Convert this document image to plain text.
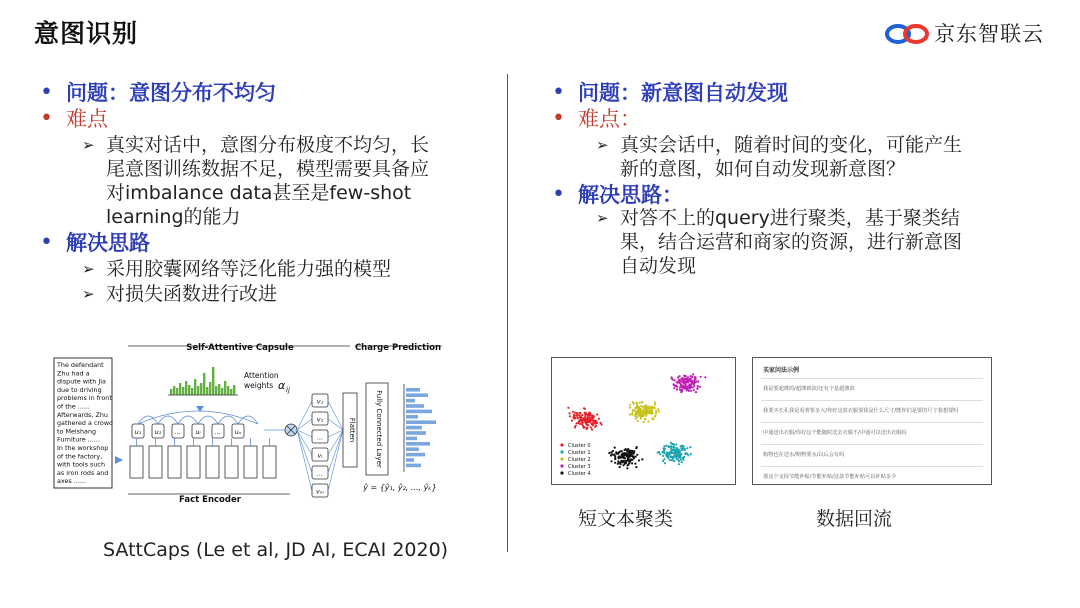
意图识别	京东智联云
• 问题：意图分布不均匀
• 难点
➢ 真实对话中，意图分布极度不均匀，长
尾意图训练数据不足，模型需要具备应
对imbalance data甚至是few-shot
learning的能力
• 解决思路
➢ 采用胶囊网络等泛化能力强的模型
➢ 对损失函数进行改进
The defendant
Zhu had a
dispute with Jia
due to driving
problems in front
of the ......
Afterwards, Zhu
gathered a crowd
to Meishang
Furniture ......
In the workshop
of the factory,
with tools such
as iron rods and
axes ......
Self-Attentive Capsule	Charge Prediction
Attention
weights α ij
u₁ u₂ ... uᵢ ... uₙ
Fact Encoder
v₁
v₂
...
vⱼ
...
vₘ
Flatten	Fully Connected Layer
ŷ = {ŷ₁, ŷ₂, ..., ŷₖ}
SAttCaps (Le et al, JD AI, ECAI 2020)
• 问题：新意图自动发现
• 难点：
➢ 真实会话中，随着时间的变化，可能产生
新的意图，如何自动发现新意图？
• 解决思路：
➢ 对答不上的query进行聚类，基于聚类结
果，结合运营和商家的资源，进行新意图
自动发现
Cluster 0
Cluster 1
Cluster 2
Cluster 3
Cluster 4
短文本聚类
买家问法示例
我是要超薄的/超薄新款/还有个是超薄款
我要买长孔我是看着要多大/你好这款衣服要我是什么尺寸/能你们是要的尺寸我想要吗
中通送出衣服/你好这个能随时送去衣服不/中通可以送出衣服吗
购物也在送水/购物要水/以后会有吗
那这个支持节能补贴/节能补贴/这款节能补贴可以补贴多少
数据回流
